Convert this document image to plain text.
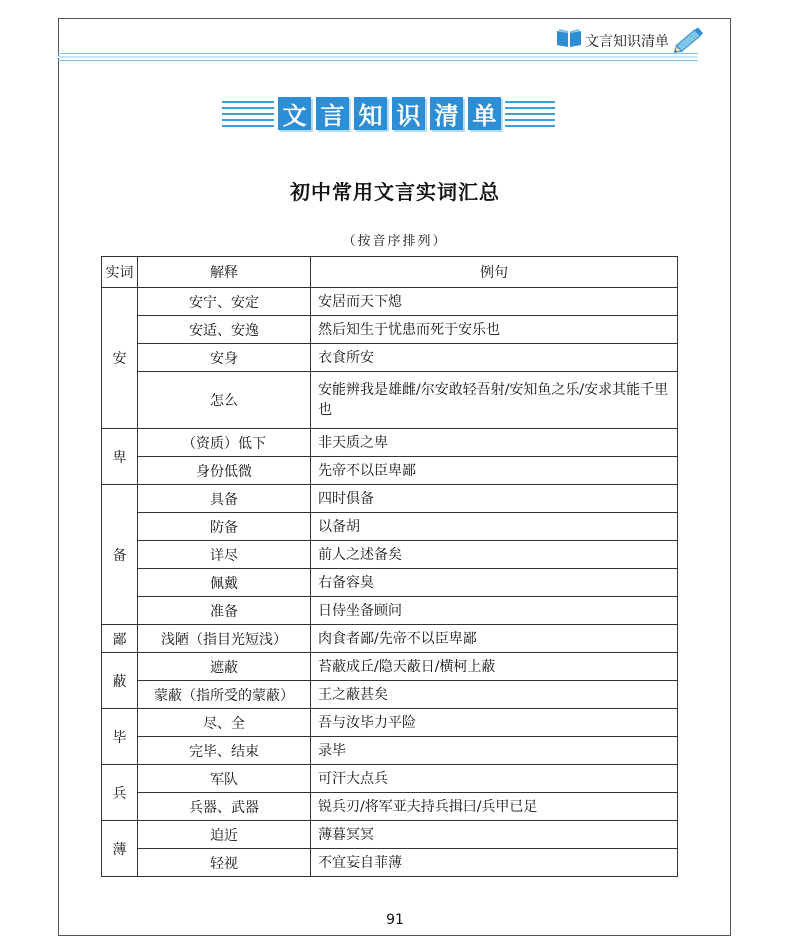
文言知识清单
文 言 知 识 清 单
初中常用文言实词汇总
（按音序排列）
实词	解释	例句
安	安宁、安定	安居而天下熄
	安适、安逸	然后知生于忧患而死于安乐也
	安身	衣食所安
	怎么	安能辨我是雄雌/尔安敢轻吾射/安知鱼之乐/安求其能千里也
卑	（资质）低下	非天质之卑
	身份低微	先帝不以臣卑鄙
备	具备	四时俱备
	防备	以备胡
	详尽	前人之述备矣
	佩戴	右备容臭
	准备	日侍坐备顾问
鄙	浅陋（指目光短浅）	肉食者鄙/先帝不以臣卑鄙
蔽	遮蔽	苔蔽成丘/隐天蔽日/横柯上蔽
	蒙蔽（指所受的蒙蔽）	王之蔽甚矣
毕	尽、全	吾与汝毕力平险
	完毕、结束	录毕
兵	军队	可汗大点兵
	兵器、武器	锐兵刃/将军亚夫持兵揖曰/兵甲已足
薄	迫近	薄暮冥冥
	轻视	不宜妄自菲薄
91
